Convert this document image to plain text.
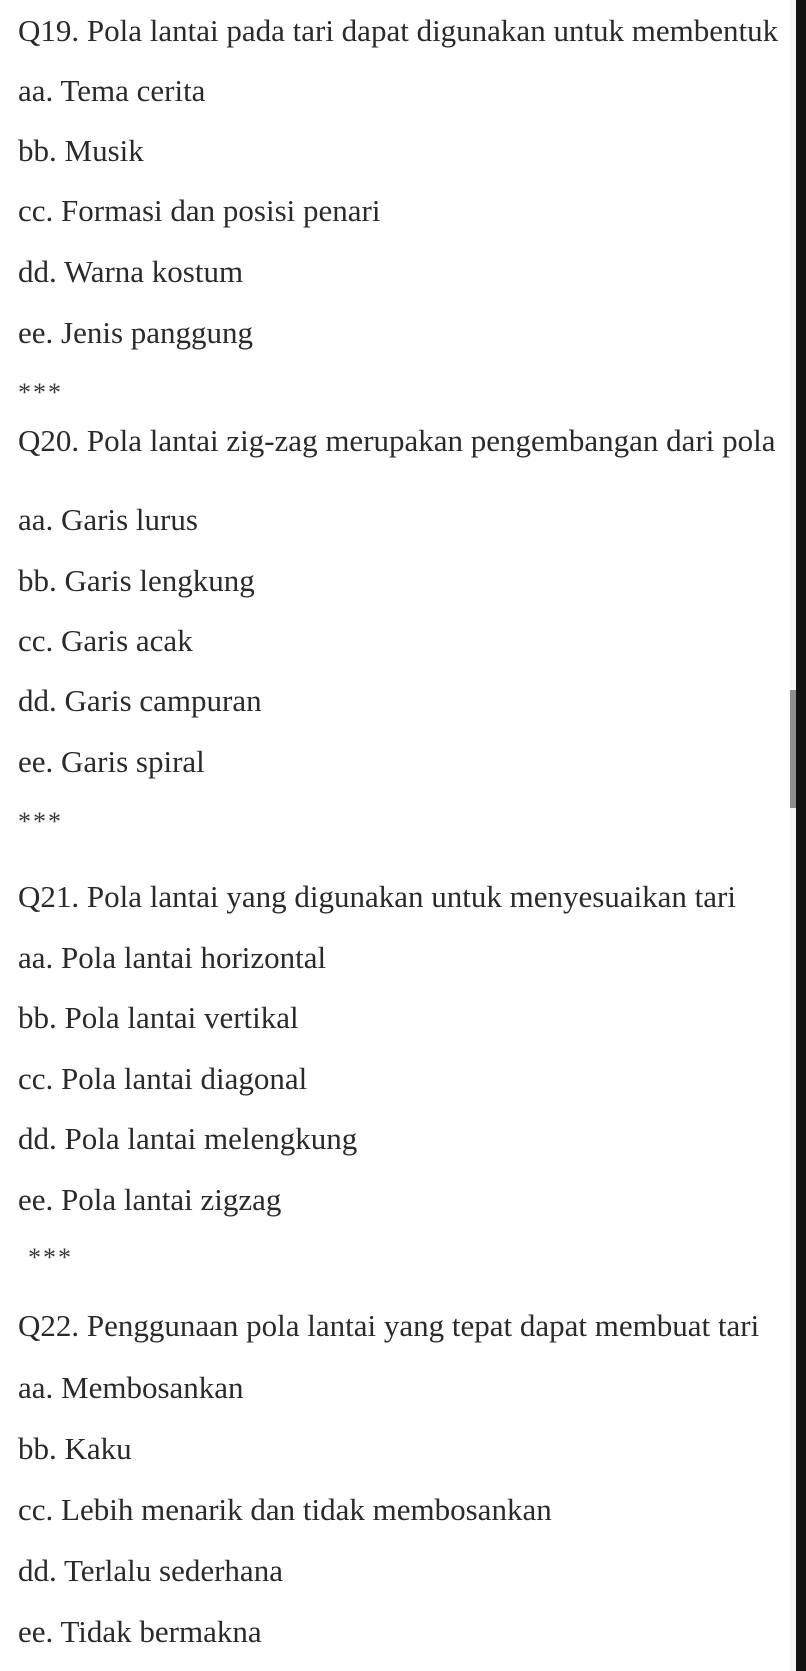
Q19. Pola lantai pada tari dapat digunakan untuk membentuk
aa. Tema cerita
bb. Musik
cc. Formasi dan posisi penari
dd. Warna kostum
ee. Jenis panggung
***
Q20. Pola lantai zig-zag merupakan pengembangan dari pola
aa. Garis lurus
bb. Garis lengkung
cc. Garis acak
dd. Garis campuran
ee. Garis spiral
***
Q21. Pola lantai yang digunakan untuk menyesuaikan tari
aa. Pola lantai horizontal
bb. Pola lantai vertikal
cc. Pola lantai diagonal
dd. Pola lantai melengkung
ee. Pola lantai zigzag
***
Q22. Penggunaan pola lantai yang tepat dapat membuat tari
aa. Membosankan
bb. Kaku
cc. Lebih menarik dan tidak membosankan
dd. Terlalu sederhana
ee. Tidak bermakna
